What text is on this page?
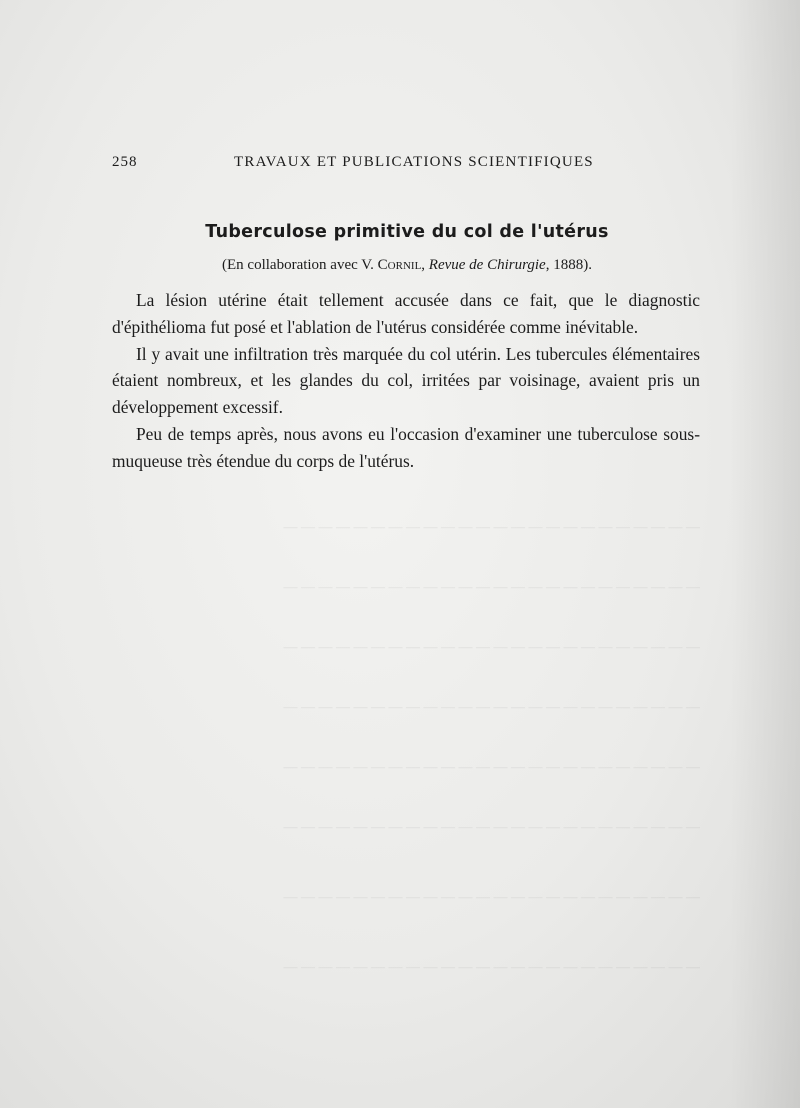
— — — — — — — — — — — — — — — — — — — — — — — —
— — — — — — — — — — — — — — — — — — — — — — — —
— — — — — — — — — — — — — — — — — — — — — — — —
— — — — — — — — — — — — — — — — — — — — — — — —
— — — — — — — — — — — — — — — — — — — — — — — —
— — — — — — — — — — — — — — — — — — — — — — — —
— — — — — — — — — — — — — — — — — — — — — — — —
— — — — — — — — — — — — — — — — — — — — — — — —
258	TRAVAUX ET PUBLICATIONS SCIENTIFIQUES
Tuberculose primitive du col de l'utérus
(En collaboration avec V. Cornil, Revue de Chirurgie, 1888).

La lésion utérine était tellement accusée dans ce fait, que le diagnostic d'épithélioma fut posé et l'ablation de l'utérus considérée comme inévitable.

Il y avait une infiltration très marquée du col utérin. Les tubercules élémentaires étaient nombreux, et les glandes du col, irritées par voisinage, avaient pris un développement excessif.

Peu de temps après, nous avons eu l'occasion d'examiner une tuberculose sous-muqueuse très étendue du corps de l'utérus.
